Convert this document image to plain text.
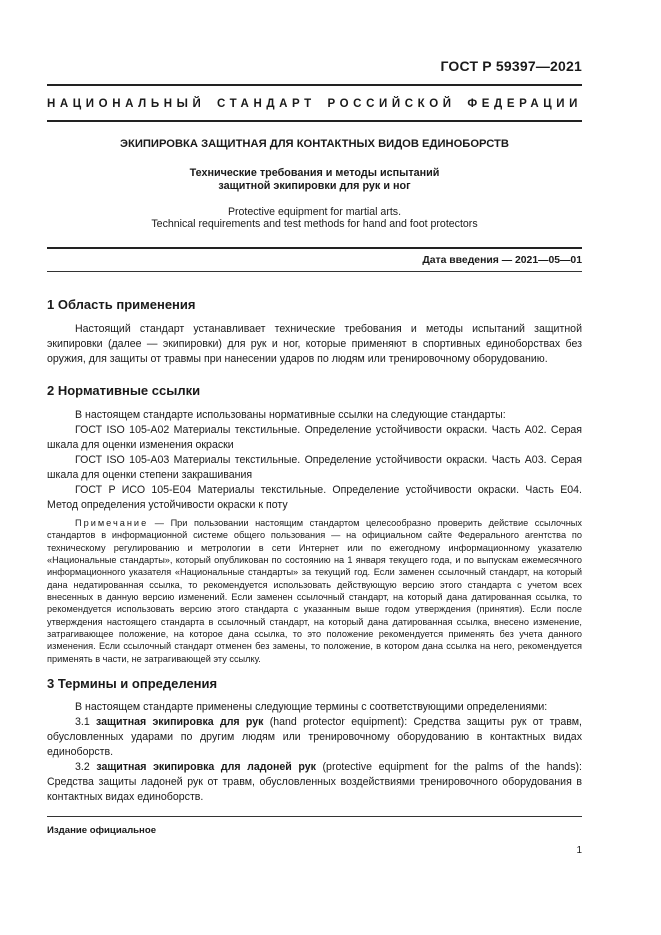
ГОСТ Р 59397—2021
НАЦИОНАЛЬНЫЙ СТАНДАРТ РОССИЙСКОЙ ФЕДЕРАЦИИ
ЭКИПИРОВКА ЗАЩИТНАЯ ДЛЯ КОНТАКТНЫХ ВИДОВ ЕДИНОБОРСТВ
Технические требования и методы испытаний
защитной экипировки для рук и ног
Protective equipment for martial arts.
Technical requirements and test methods for hand and foot protectors
Дата введения — 2021—05—01
1 Область применения

Настоящий стандарт устанавливает технические требования и методы испытаний защитной экипировки (далее — экипировки) для рук и ног, которые применяют в спортивных единоборствах без оружия, для защиты от травмы при нанесении ударов по людям или тренировочному оборудованию.

2 Нормативные ссылки

В настоящем стандарте использованы нормативные ссылки на следующие стандарты:

ГОСТ ISO 105-A02 Материалы текстильные. Определение устойчивости окраски. Часть A02. Серая шкала для оценки изменения окраски

ГОСТ ISO 105-A03 Материалы текстильные. Определение устойчивости окраски. Часть A03. Серая шкала для оценки степени закрашивания

ГОСТ Р ИСО 105-E04 Материалы текстильные. Определение устойчивости окраски. Часть E04. Метод определения устойчивости окраски к поту

Примечание — При пользовании настоящим стандартом целесообразно проверить действие ссылочных стандартов в информационной системе общего пользования — на официальном сайте Федерального агентства по техническому регулированию и метрологии в сети Интернет или по ежегодному информационному указателю «Национальные стандарты», который опубликован по состоянию на 1 января текущего года, и по выпускам ежемесячного информационного указателя «Национальные стандарты» за текущий год. Если заменен ссылочный стандарт, на который дана недатированная ссылка, то рекомендуется использовать действующую версию этого стандарта с учетом всех внесенных в данную версию изменений. Если заменен ссылочный стандарт, на который дана датированная ссылка, то рекомендуется использовать версию этого стандарта с указанным выше годом утверждения (принятия). Если после утверждения настоящего стандарта в ссылочный стандарт, на который дана датированная ссылка, внесено изменение, затрагивающее положение, на которое дана ссылка, то это положение рекомендуется применять без учета данного изменения. Если ссылочный стандарт отменен без замены, то положение, в котором дана ссылка на него, рекомендуется применять в части, не затрагивающей эту ссылку.

3 Термины и определения

В настоящем стандарте применены следующие термины с соответствующими определениями:

3.1 защитная экипировка для рук (hand protector equipment): Средства защиты рук от травм, обусловленных ударами по другим людям или тренировочному оборудованию в контактных видах единоборств.

3.2 защитная экипировка для ладоней рук (protective equipment for the palms of the hands): Средства защиты ладоней рук от травм, обусловленных воздействиями тренировочного оборудования в контактных видах единоборств.

Издание официальное
1
